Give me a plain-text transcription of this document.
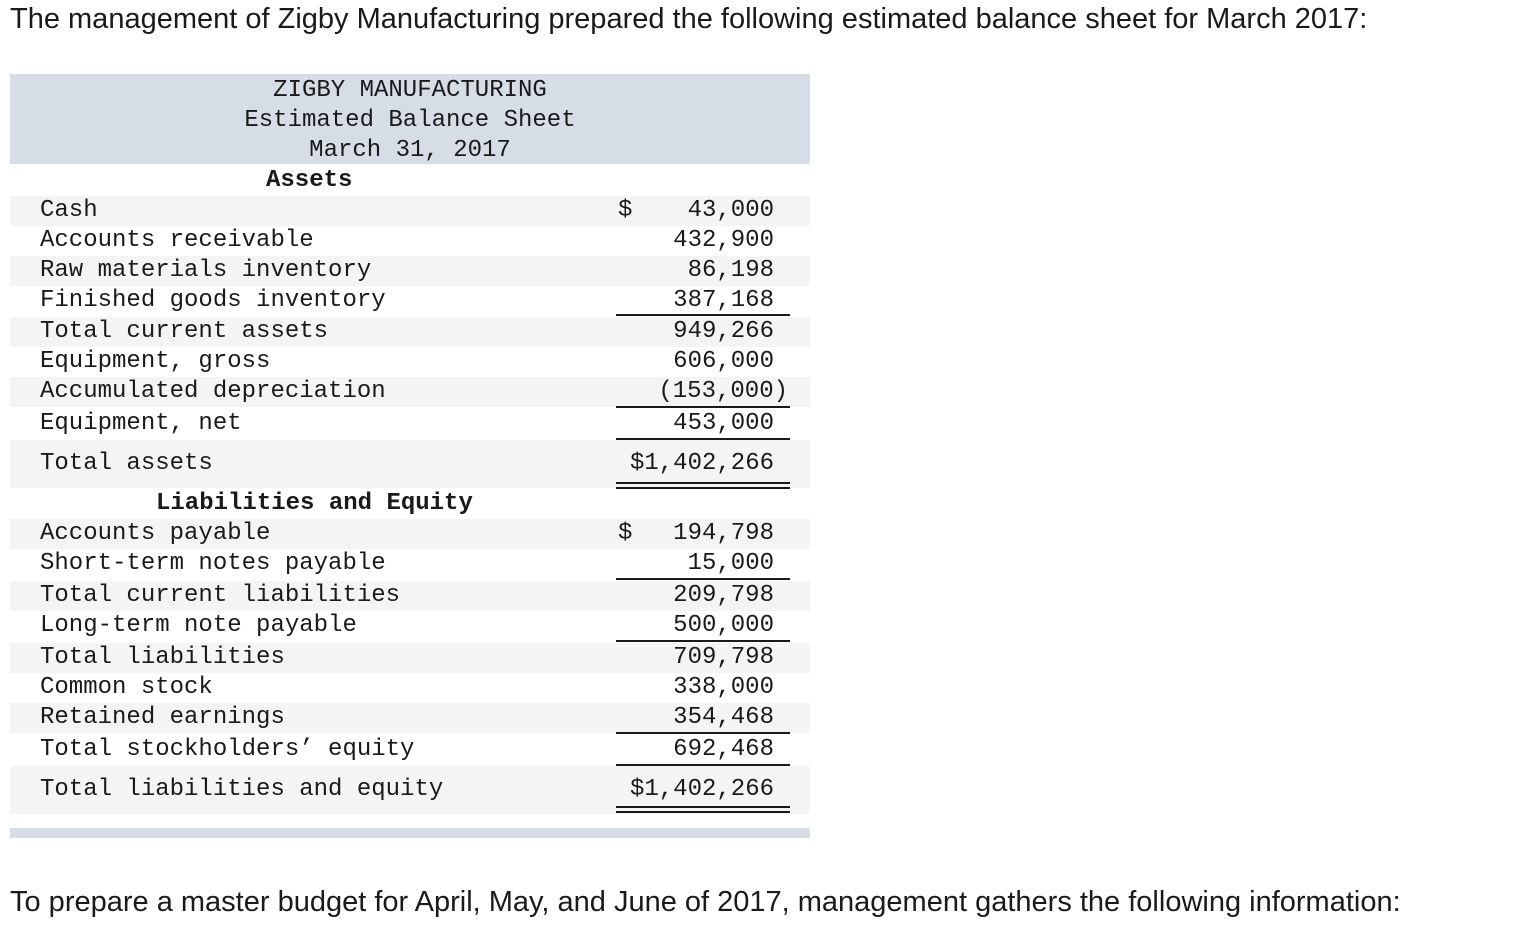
The management of Zigby Manufacturing prepared the following estimated balance sheet for March 2017:
ZIGBY MANUFACTURING
Estimated Balance Sheet
March 31, 2017
Assets
Cash	$ 43,000
Accounts receivable	432,900
Raw materials inventory	86,198
Finished goods inventory	387,168
Total current assets	949,266
Equipment, gross	606,000
Accumulated depreciation	(153,000)
Equipment, net	453,000
Total assets	$1,402,266
Liabilities and Equity
Accounts payable	$ 194,798
Short-term notes payable	15,000
Total current liabilities	209,798
Long-term note payable	500,000
Total liabilities	709,798
Common stock	338,000
Retained earnings	354,468
Total stockholders’ equity	692,468
Total liabilities and equity	$1,402,266
To prepare a master budget for April, May, and June of 2017, management gathers the following information:
